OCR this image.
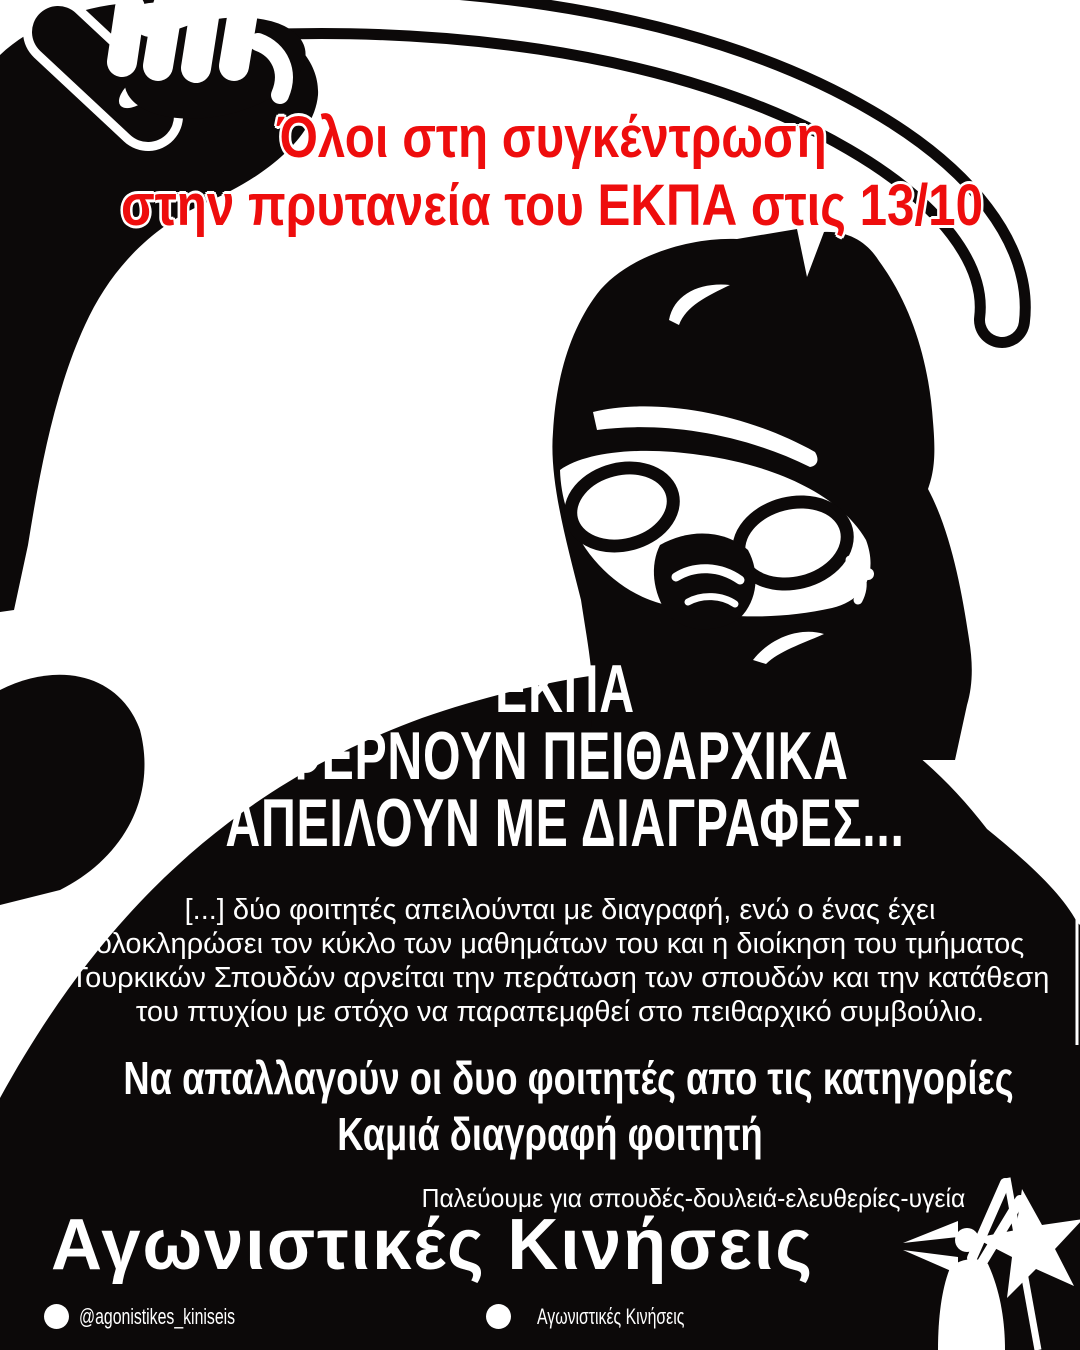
Όλοι στη συγκέντρωση
στην πρυτανεία του ΕΚΠΑ στις 13/10
ΕΚΠΑ
ΦΕΡΝΟΥΝ ΠΕΙΘΑΡΧΙΚΑ
ΑΠΕΙΛΟΥΝ ΜΕ ΔΙΑΓΡΑΦΕΣ...
[...] δύο φοιτητές απειλούνται με διαγραφή, ενώ ο ένας έχει
ολοκληρώσει τον κύκλο των μαθημάτων του και η διοίκηση του τμήματος
Τουρκικών Σπουδών αρνείται την περάτωση των σπουδών και την κατάθεση
του πτυχίου με στόχο να παραπεμφθεί στο πειθαρχικό συμβούλιο.
Να απαλλαγούν οι δυο φοιτητές απο τις κατηγορίες
Καμιά διαγραφή φοιτητή
Παλεύουμε για σπουδές-δουλειά-ελευθερίες-υγεία
Αγωνιστικές Κινήσεις
@agonistikes_kiniseis	Αγωνιστικές Κινήσεις
